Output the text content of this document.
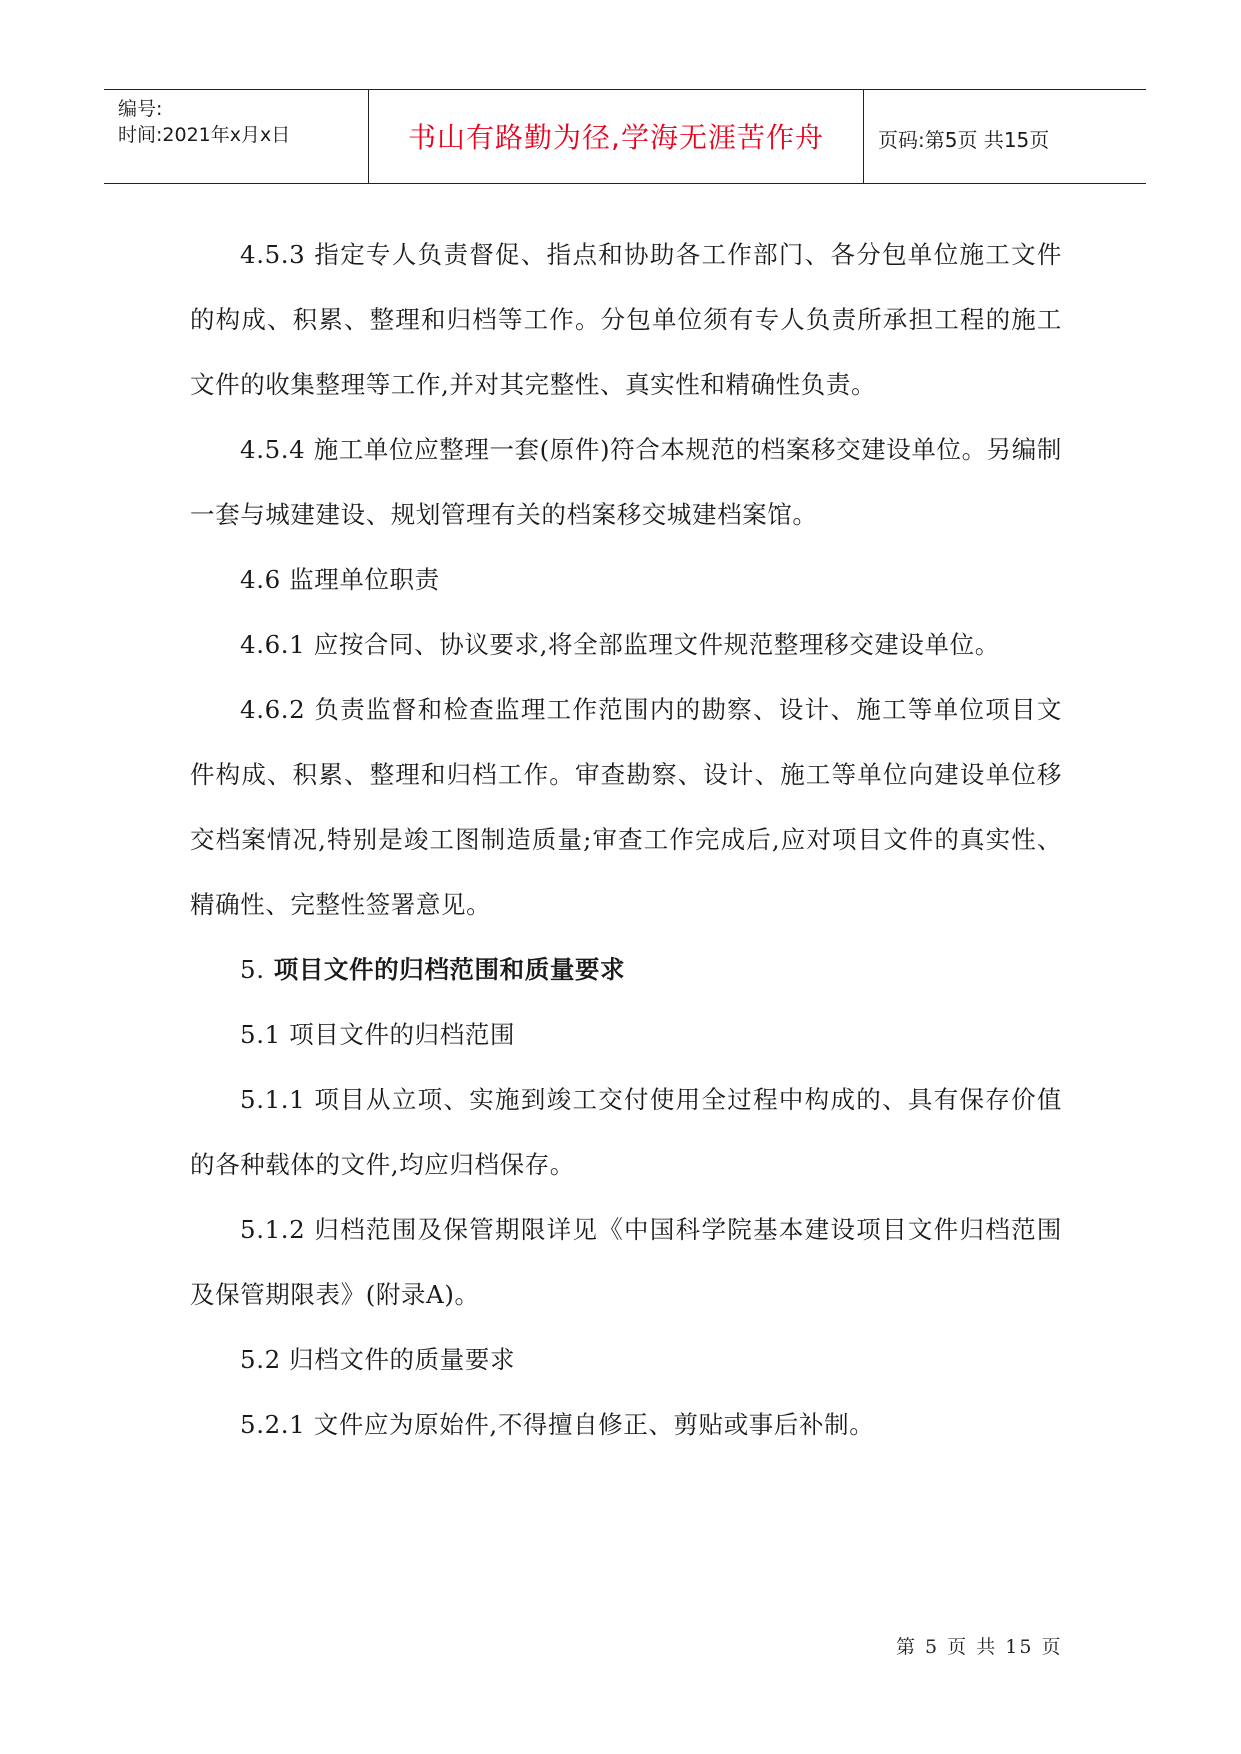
编号:
时间:2021年x月x日	书山有路勤为径,学海无涯苦作舟	页码:第5页 共15页

4.5.3 指定专人负责督促、指点和协助各工作部门、各分包单位施工文件的构成、积累、整理和归档等工作。分包单位须有专人负责所承担工程的施工文件的收集整理等工作,并对其完整性、真实性和精确性负责。

4.5.4 施工单位应整理一套(原件)符合本规范的档案移交建设单位。另编制一套与城建建设、规划管理有关的档案移交城建档案馆。

4.6 监理单位职责

4.6.1 应按合同、协议要求,将全部监理文件规范整理移交建设单位。

4.6.2 负责监督和检查监理工作范围内的勘察、设计、施工等单位项目文件构成、积累、整理和归档工作。审查勘察、设计、施工等单位向建设单位移交档案情况,特别是竣工图制造质量;审查工作完成后,应对项目文件的真实性、精确性、完整性签署意见。

5. 项目文件的归档范围和质量要求

5.1 项目文件的归档范围

5.1.1 项目从立项、实施到竣工交付使用全过程中构成的、具有保存价值的各种载体的文件,均应归档保存。

5.1.2 归档范围及保管期限详见《中国科学院基本建设项目文件归档范围及保管期限表》(附录A)。

5.2 归档文件的质量要求

5.2.1 文件应为原始件,不得擅自修正、剪贴或事后补制。

第 5 页 共 15 页
